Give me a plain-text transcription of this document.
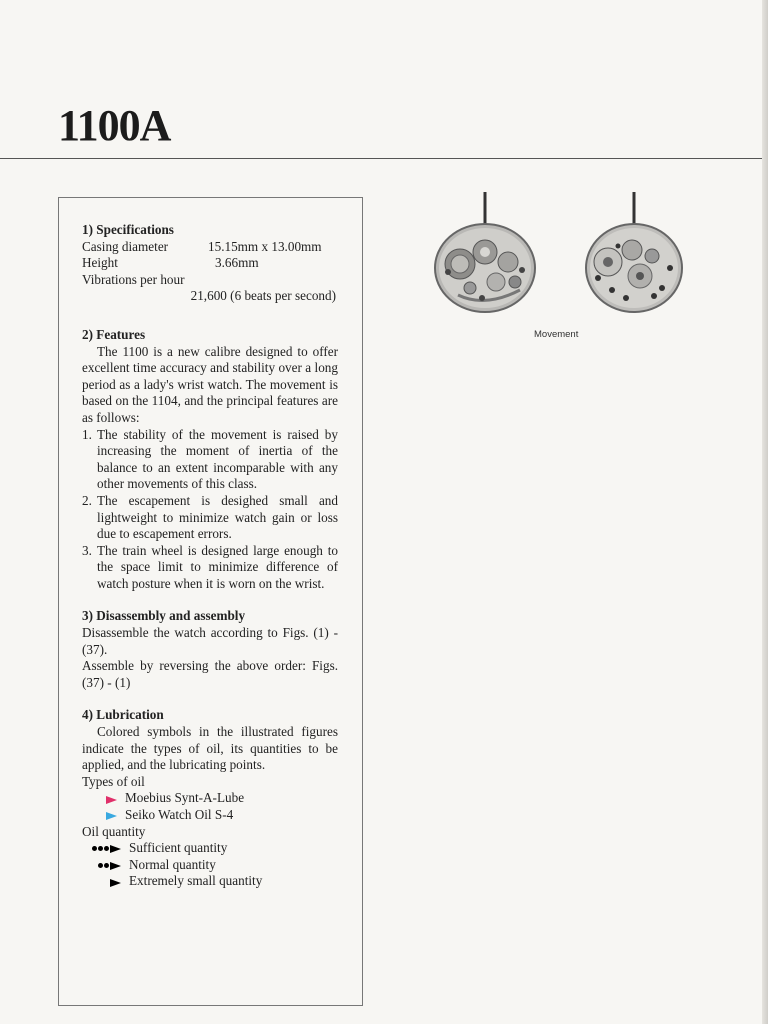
1100A
1) Specifications
Casing diameter	15.15mm x 13.00mm
Height	3.66mm
Vibrations per hour
21,600 (6 beats per second)
2) Features
The 1100 is a new calibre designed to offer excellent time accuracy and stability over a long period as a lady's wrist watch. The movement is based on the 1104, and the principal features are as follows:
1. The stability of the movement is raised by increasing the moment of inertia of the balance to an extent incomparable with any other movements of this class.
2. The escapement is desighed small and lightweight to minimize watch gain or loss due to escapement errors.
3. The train wheel is designed large enough to the space limit to minimize difference of watch posture when it is worn on the wrist.
3) Disassembly and assembly
Disassemble the watch according to Figs. (1) - (37).
Assemble by reversing the above order: Figs. (37) - (1)
4) Lubrication
Colored symbols in the illustrated figures indicate the types of oil, its quantities to be applied, and the lubricating points.
Types of oil
Moebius Synt-A-Lube
Seiko Watch Oil S-4
Oil quantity
Sufficient quantity
Normal quantity
Extremely small quantity
Movement
